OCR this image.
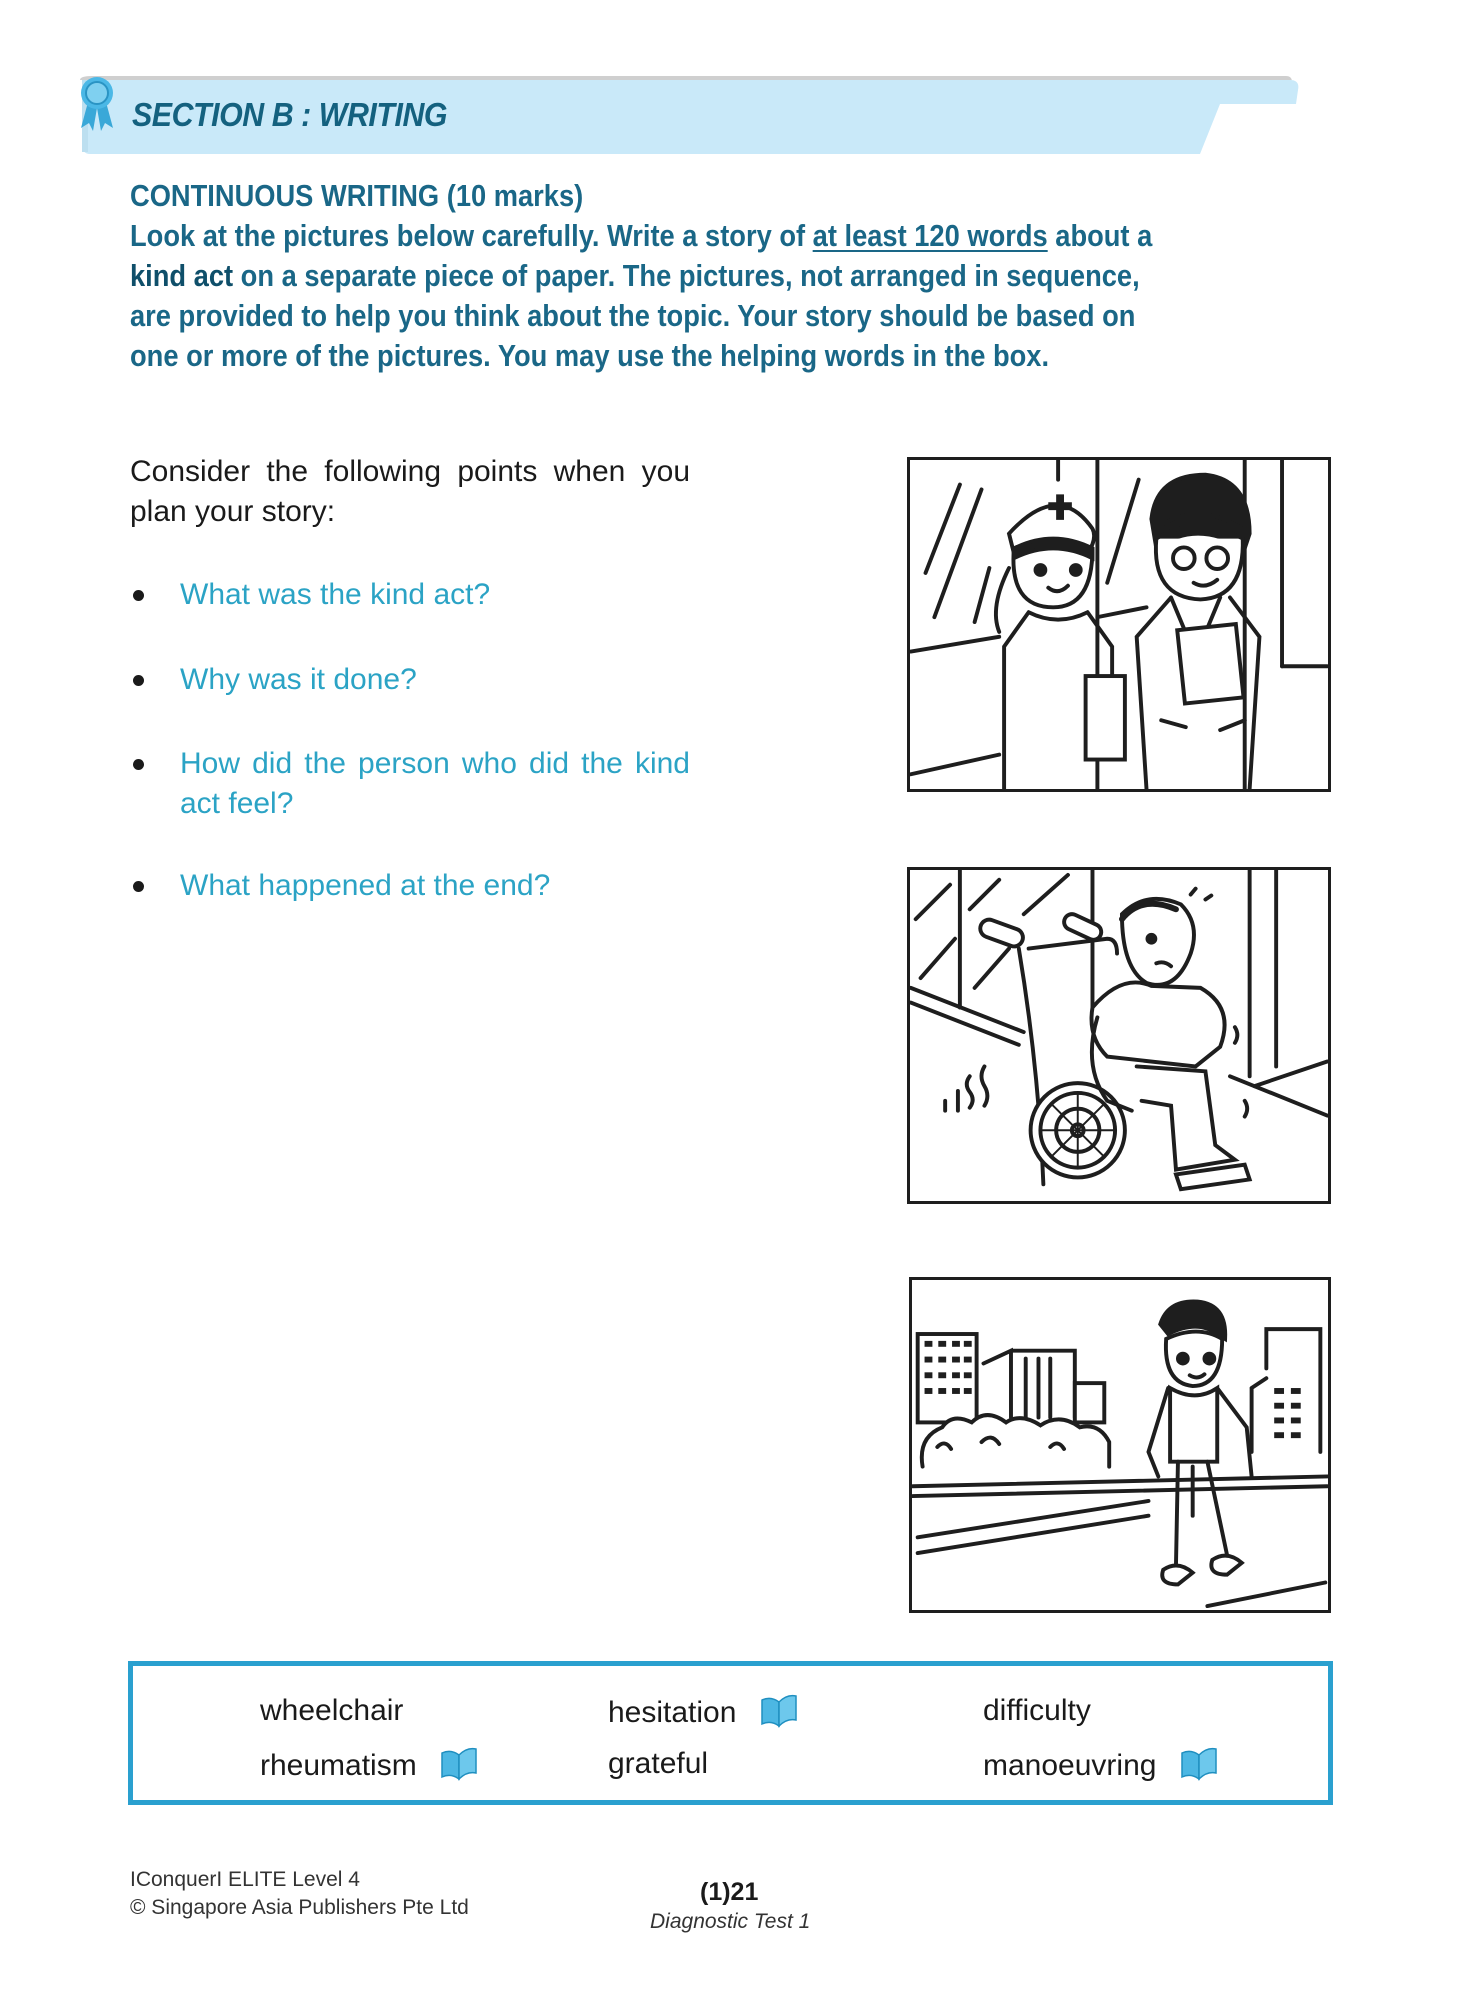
SECTION B : WRITING
CONTINUOUS WRITING (10 marks)
Look at the pictures below carefully. Write a story of at least 120 words about a
kind act on a separate piece of paper. The pictures, not arranged in sequence,
are provided to help you think about the topic. Your story should be based on
one or more of the pictures. You may use the helping words in the box.
Consider the following points when you plan your story:
What was the kind act?
Why was it done?
How did the person who did the kind act feel?
What happened at the end?
wheelchair	hesitation	difficulty
rheumatism	grateful	manoeuvring
IConquerI ELITE Level 4
© Singapore Asia Publishers Pte Ltd
(1)21
Diagnostic Test 1
